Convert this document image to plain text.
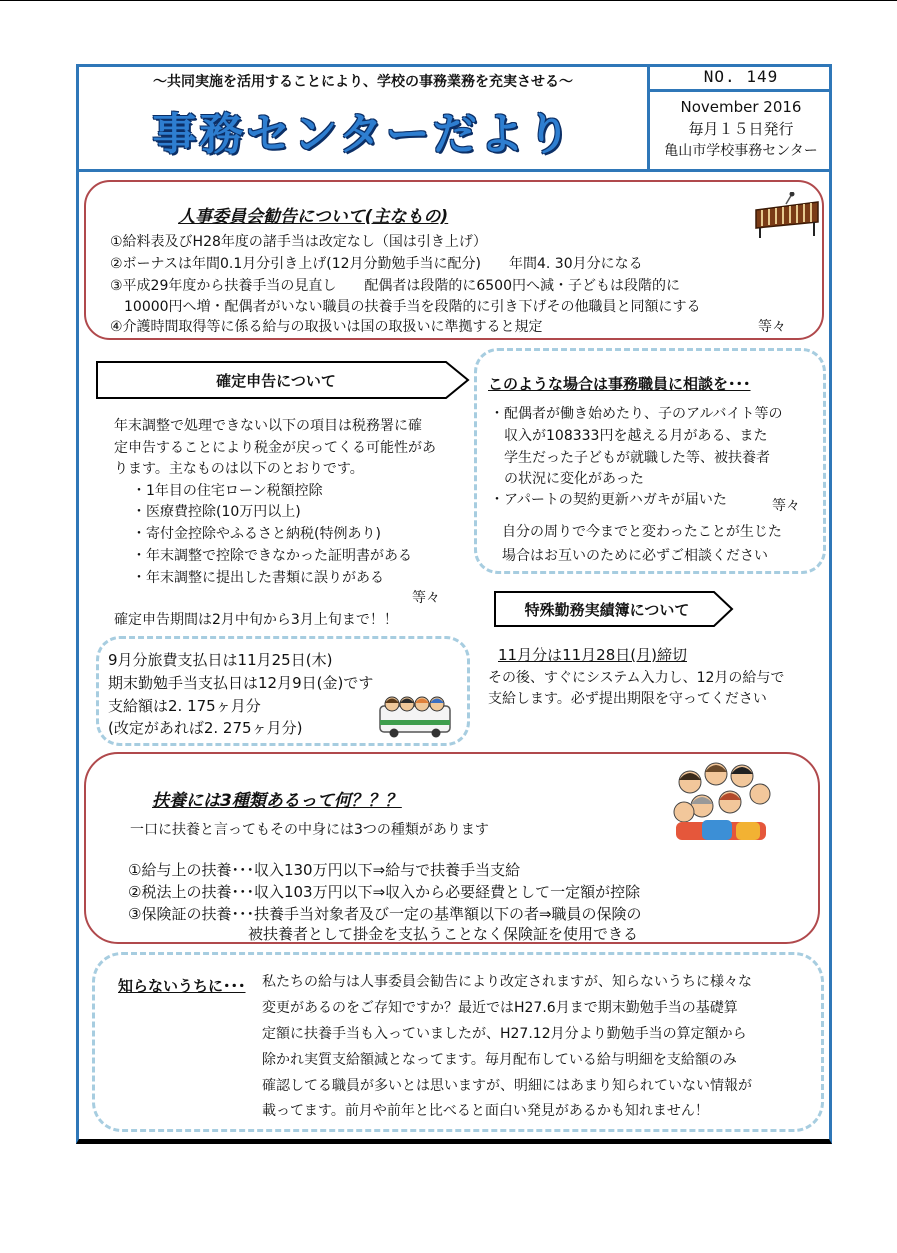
～共同実施を活用することにより、学校の事務業務を充実させる～
事務センターだより
NO. 149
November 2016
毎月１５日発行
亀山市学校事務センター
人事委員会勧告について(主なもの)
①給料表及びH28年度の諸手当は改定なし（国は引き上げ）
②ボーナスは年間0.1月分引き上げ(12月分勤勉手当に配分)　　年間4. 30月分になる
③平成29年度から扶養手当の見直し　　配偶者は段階的に6500円へ減・子どもは段階的に
　10000円へ増・配偶者がいない職員の扶養手当を段階的に引き下げその他職員と同額にする
④介護時間取得等に係る給与の取扱いは国の取扱いに準拠すると規定	等々
確定申告について
年末調整で処理できない以下の項目は税務署に確
定申告することにより税金が戻ってくる可能性があ
ります。主なものは以下のとおりです。
・1年目の住宅ローン税額控除
・医療費控除(10万円以上)
・寄付金控除やふるさと納税(特例あり)
・年末調整で控除できなかった証明書がある
・年末調整に提出した書類に誤りがある
等々
確定申告期間は2月中旬から3月上旬まで！！
このような場合は事務職員に相談を･･･
・配偶者が働き始めたり、子のアルバイト等の
　収入が108333円を越える月がある、また
　学生だった子どもが就職した等、被扶養者
　の状況に変化があった
・アパートの契約更新ハガキが届いた	等々
自分の周りで今までと変わったことが生じた
場合はお互いのために必ずご相談ください
9月分旅費支払日は11月25日(木)
期末勤勉手当支払日は12月9日(金)です
支給額は2. 175ヶ月分
(改定があれば2. 275ヶ月分)
特殊勤務実績簿について
11月分は11月28日(月)締切
その後、すぐにシステム入力し、12月の給与で
支給します。必ず提出期限を守ってください
扶養には3種類あるって何？？？
一口に扶養と言ってもその中身には3つの種類があります
①給与上の扶養･･･収入130万円以下⇒給与で扶養手当支給
②税法上の扶養･･･収入103万円以下⇒収入から必要経費として一定額が控除
③保険証の扶養･･･扶養手当対象者及び一定の基準額以下の者⇒職員の保険の
　　　　　　　　被扶養者として掛金を支払うことなく保険証を使用できる
知らないうちに･･･ 私たちの給与は人事委員会勧告により改定されますが、知らないうちに様々な
変更があるのをご存知ですか？最近ではH27.6月まで期末勤勉手当の基礎算
定額に扶養手当も入っていましたが、H27.12月分より勤勉手当の算定額から
除かれ実質支給額減となってます。毎月配布している給与明細を支給額のみ
確認してる職員が多いとは思いますが、明細にはあまり知られていない情報が
載ってます。前月や前年と比べると面白い発見があるかも知れません！
